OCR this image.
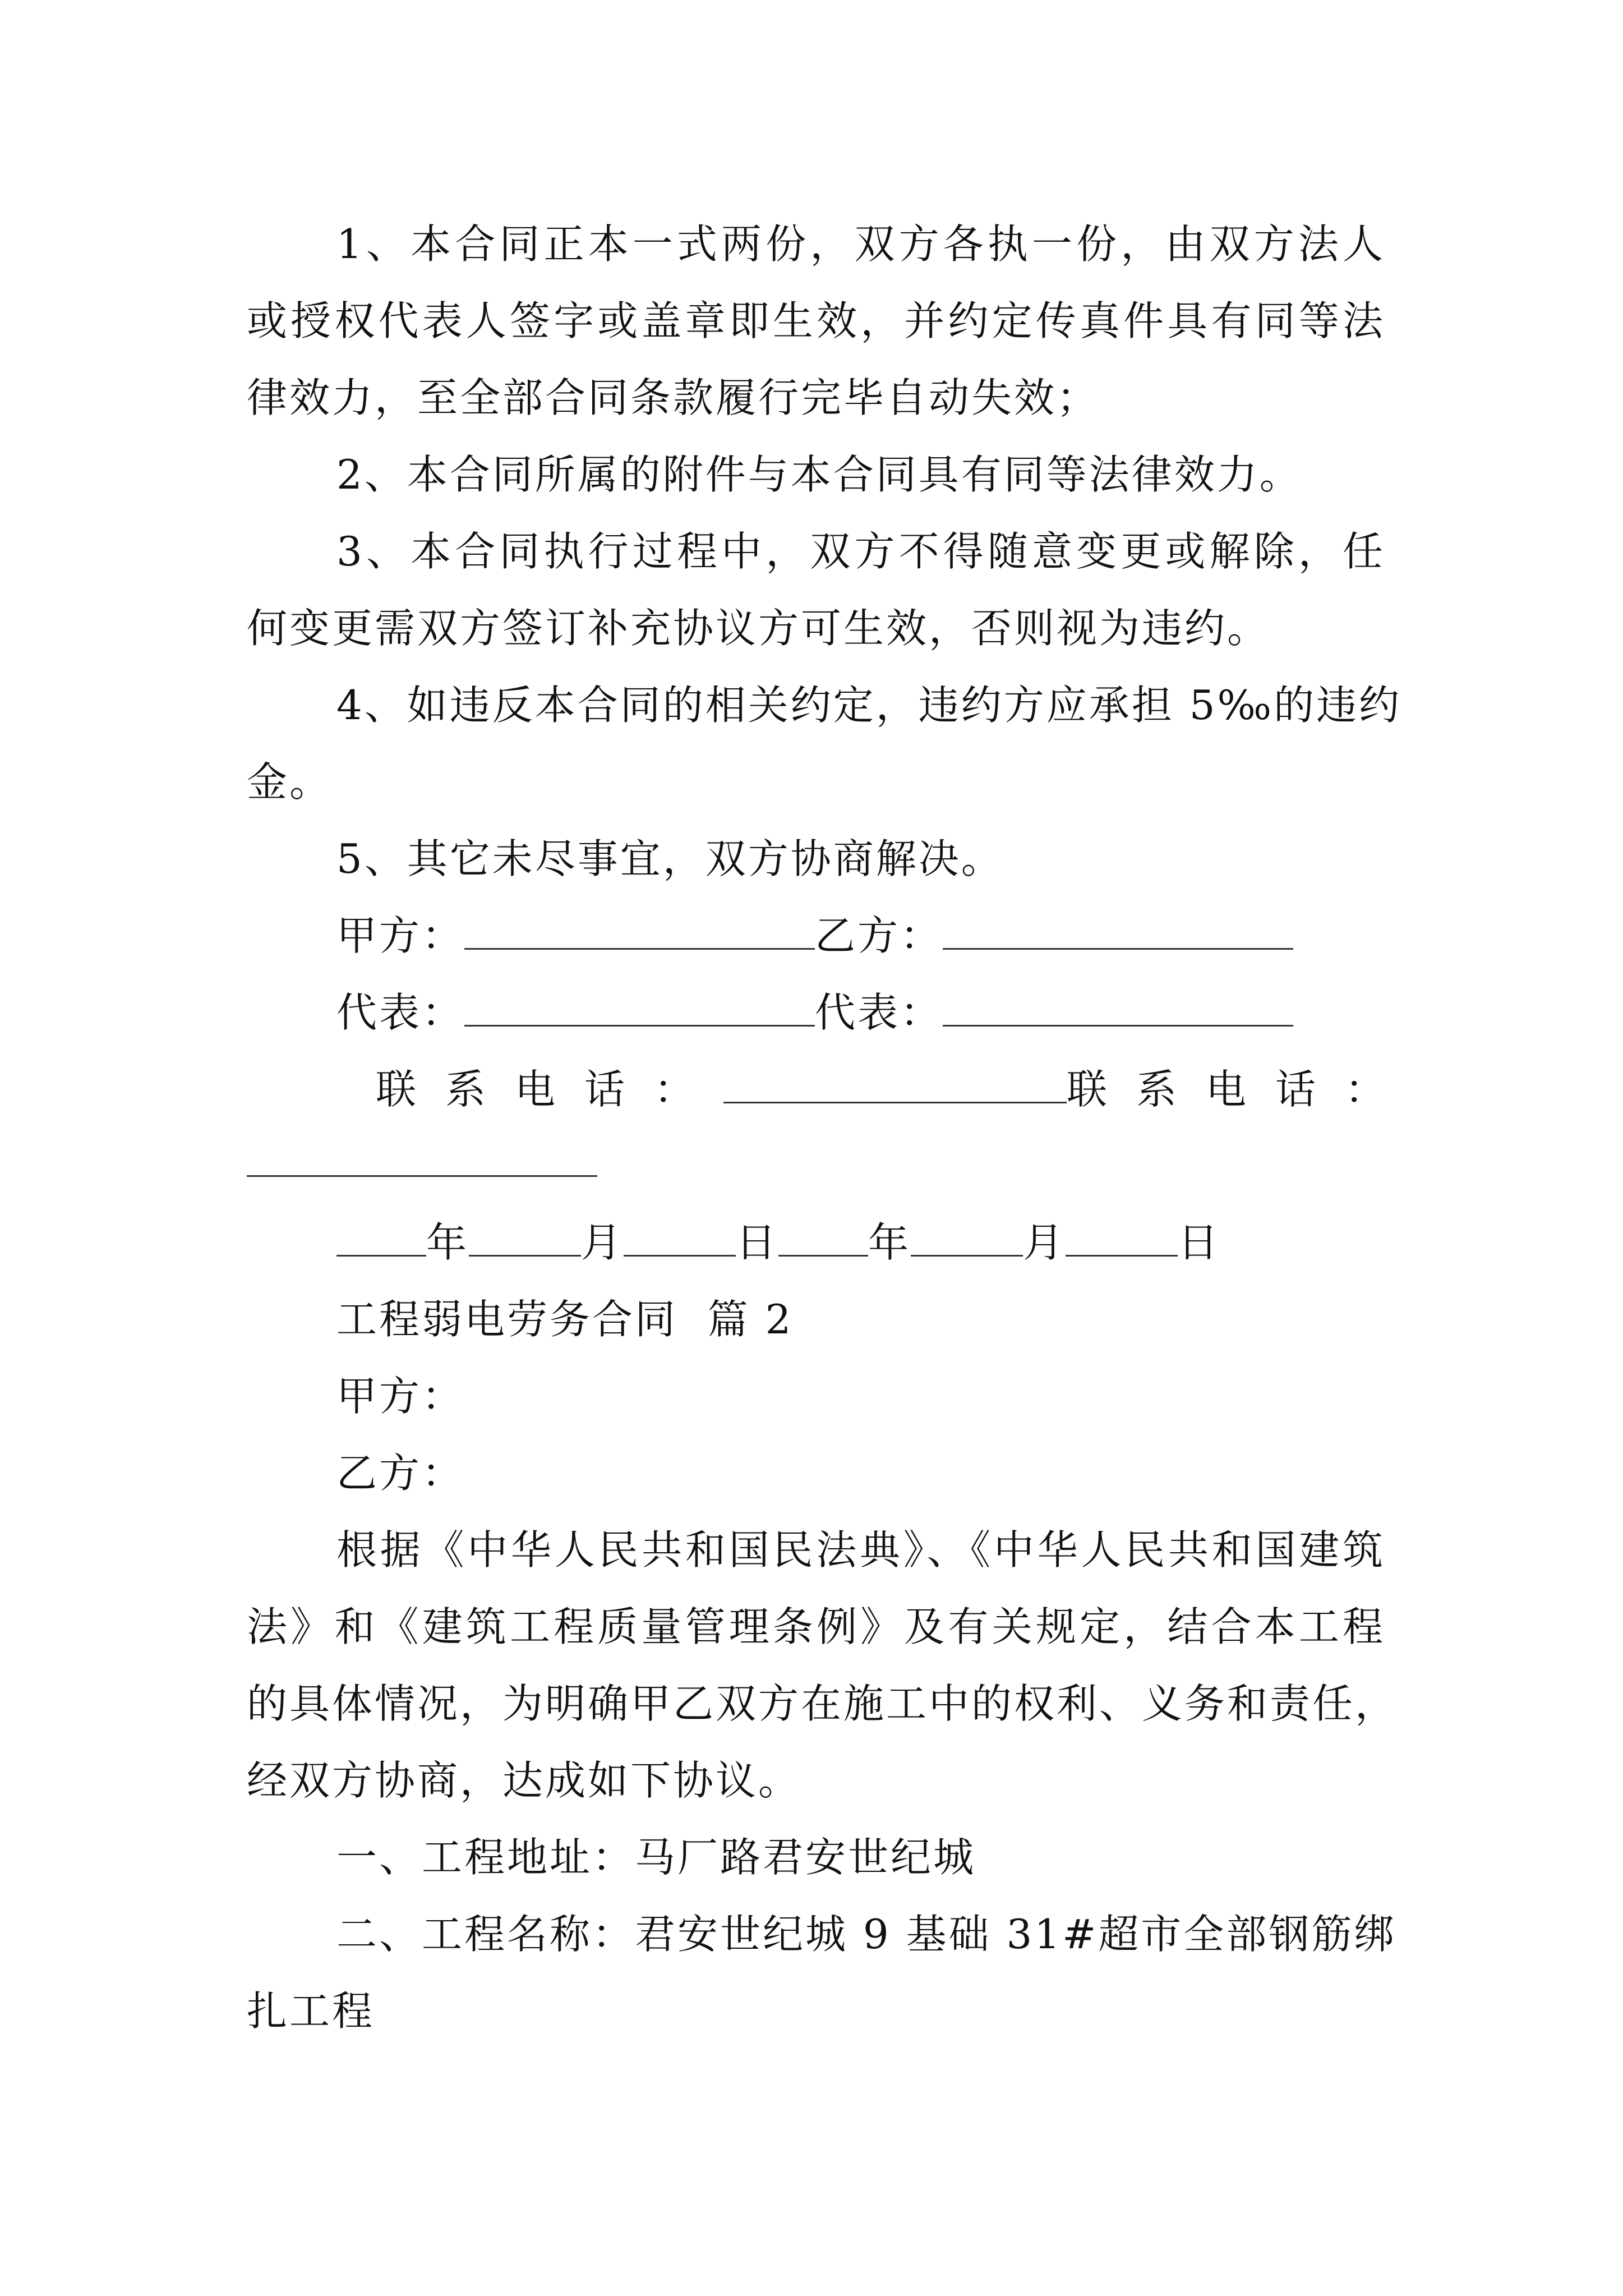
1、本合同正本一式两份，双方各执一份，由双方法人
或授权代表人签字或盖章即生效，并约定传真件具有同等法
律效力，至全部合同条款履行完毕自动失效；
2、本合同所属的附件与本合同具有同等法律效力。
3、本合同执行过程中，双方不得随意变更或解除，任
何变更需双方签订补充协议方可生效，否则视为违约。
4、如违反本合同的相关约定，违约方应承担 5‰的违约
金。
5、其它未尽事宜，双方协商解决。
甲方：	乙方：
代表：	代表：
联系电话：	联系电话：
年	月	日 年	月	日
工程弱电劳务合同  篇 2
甲方：
乙方：
根据《中华人民共和国民法典》、《中华人民共和国建筑
法》和《建筑工程质量管理条例》及有关规定，结合本工程
的具体情况，为明确甲乙双方在施工中的权利、义务和责任，
经双方协商，达成如下协议。
一、工程地址：马厂路君安世纪城
二、工程名称：君安世纪城 9 基础 31#超市全部钢筋绑
扎工程
